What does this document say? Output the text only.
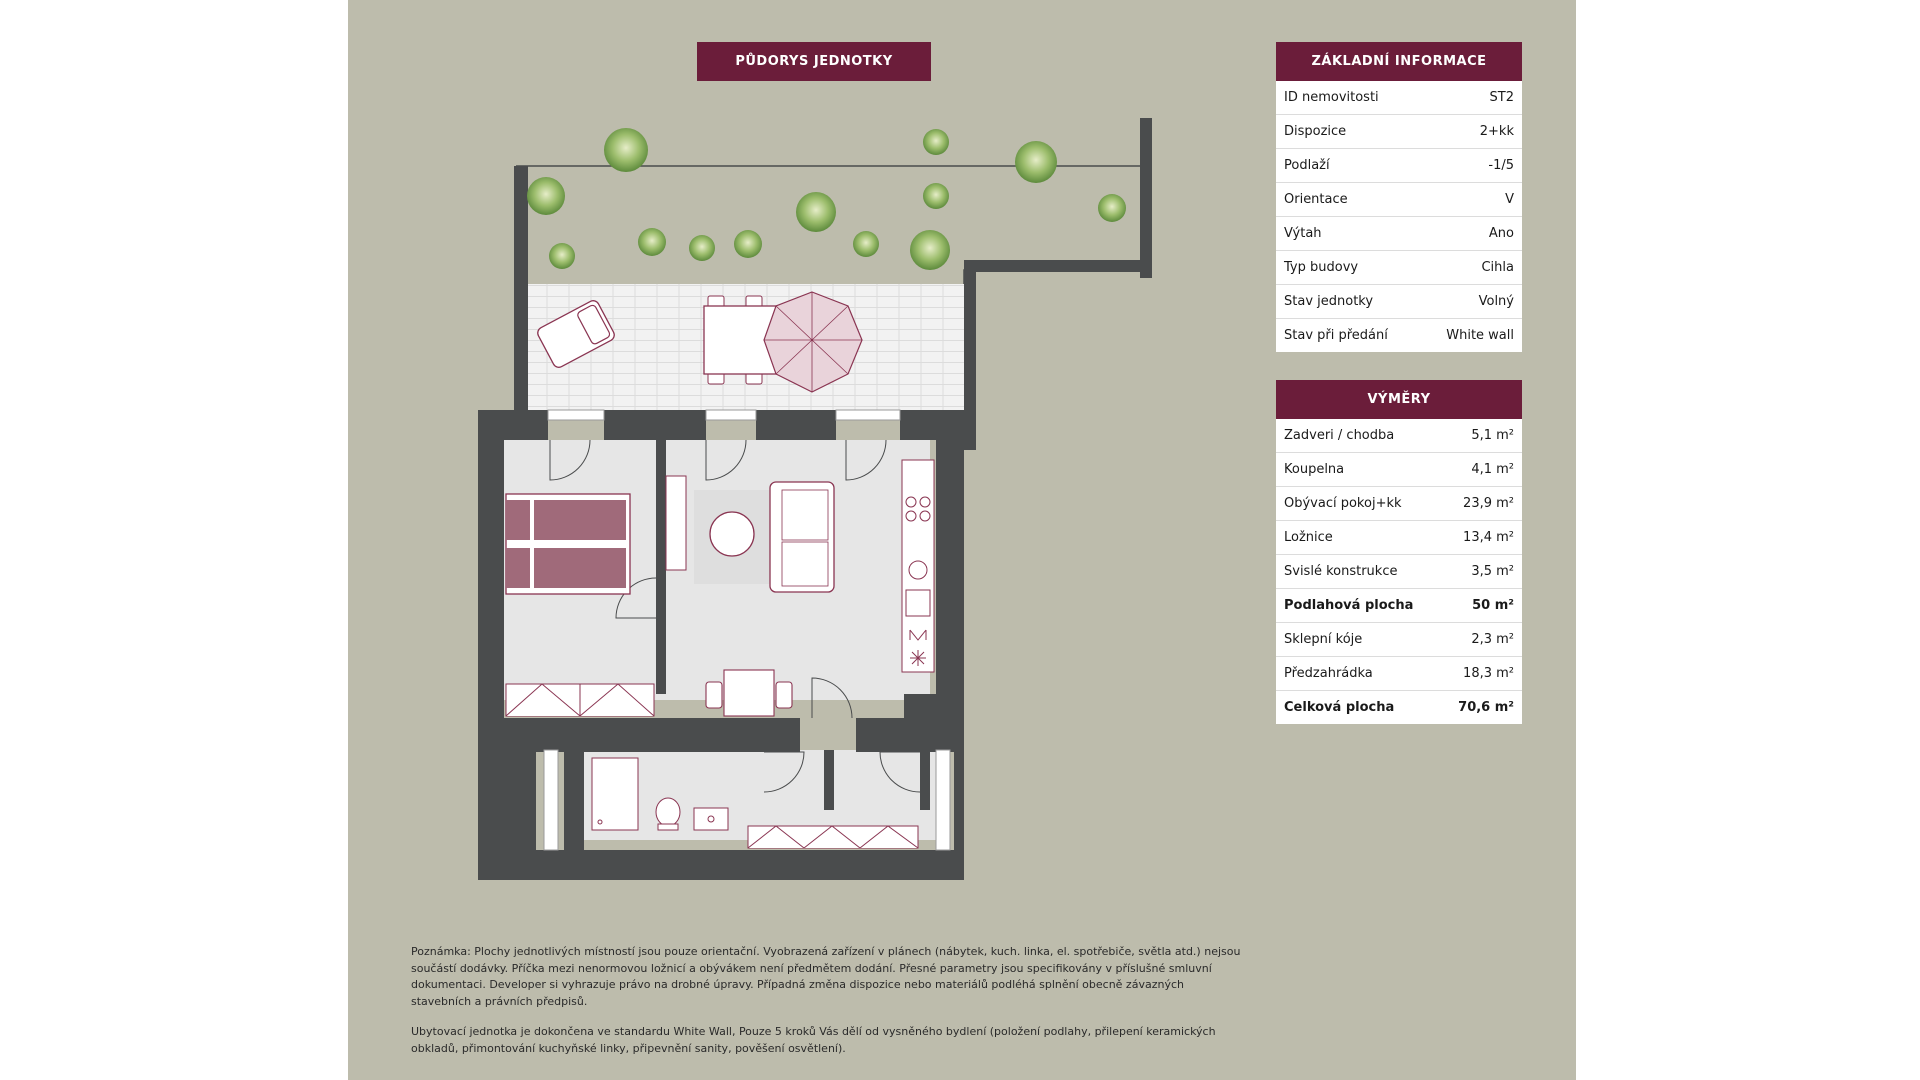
PŮDORYS JEDNOTKY	ZÁKLADNÍ INFORMACE
ID nemovitosti	ST2
Dispozice	2+kk
Podlaží	-1/5
Orientace	V
Výtah	Ano
Typ budovy	Cihla
Stav jednotky	Volný
Stav při předání	White wall
VÝMĚRY
Zadveri / chodba	5,1 m²
Koupelna	4,1 m²
Obývací pokoj+kk	23,9 m²
Ložnice	13,4 m²
Svislé konstrukce	3,5 m²
Podlahová plocha	50 m²
Sklepní kóje	2,3 m²
Předzahrádka	18,3 m²
Celková plocha	70,6 m²
Poznámka: Plochy jednotlivých místností jsou pouze orientační. Vyobrazená zařízení v plánech (nábytek, kuch. linka, el. spotřebiče, světla atd.) nejsou součástí dodávky. Příčka mezi nenormovou ložnicí a obývákem není předmětem dodání. Přesné parametry jsou specifikovány v příslušné smluvní dokumentaci. Developer si vyhrazuje právo na drobné úpravy. Případná změna dispozice nebo materiálů podléhá splnění obecně závazných stavebních a právních předpisů.
Ubytovací jednotka je dokončena ve standardu White Wall, Pouze 5 kroků Vás dělí od vysněného bydlení (položení podlahy, přilepení keramických obkladů, přimontování kuchyňské linky, připevnění sanity, pověšení osvětlení).
